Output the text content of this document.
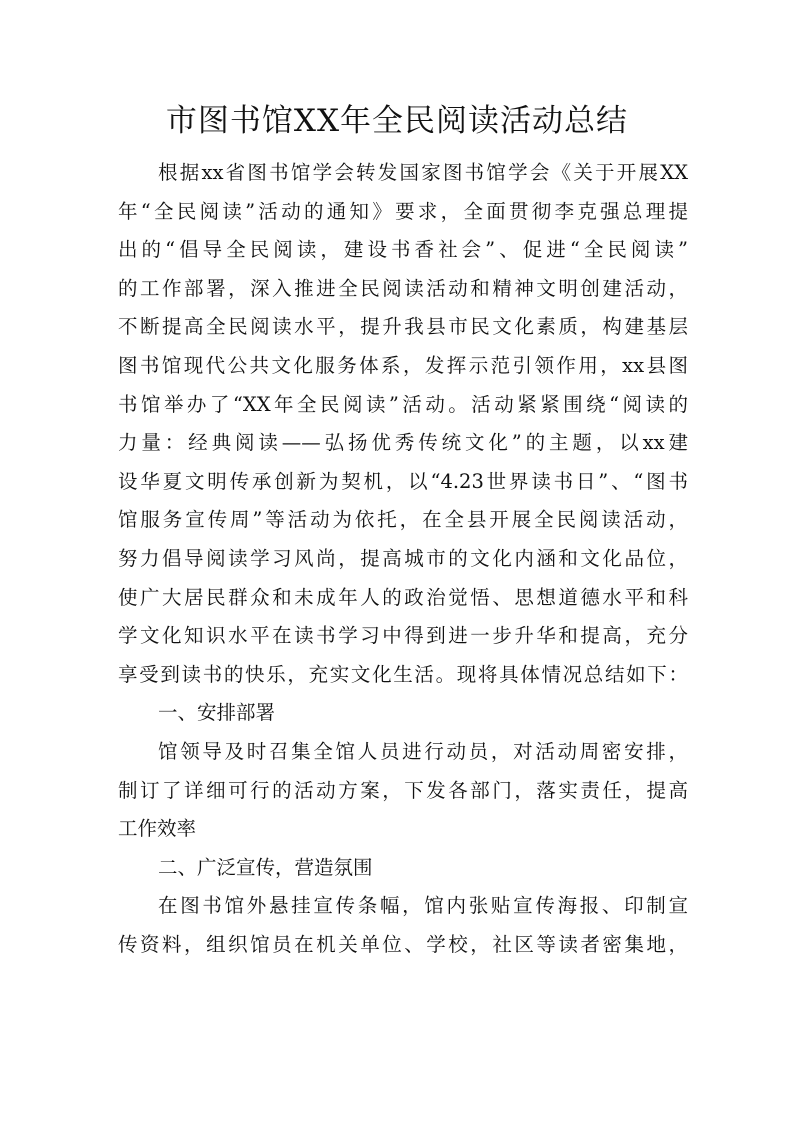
市图书馆XX年全民阅读活动总结
根据xx省图书馆学会转发国家图书馆学会《关于开展XX
年“全民阅读”活动的通知》要求，全面贯彻李克强总理提
出的“倡导全民阅读，建设书香社会”、促进“全民阅读”
的工作部署，深入推进全民阅读活动和精神文明创建活动，
不断提高全民阅读水平，提升我县市民文化素质，构建基层
图书馆现代公共文化服务体系，发挥示范引领作用，xx县图
书馆举办了“XX年全民阅读”活动。活动紧紧围绕“阅读的
力量：经典阅读——弘扬优秀传统文化”的主题，以xx建
设华夏文明传承创新为契机，以“4.23世界读书日”、“图书
馆服务宣传周”等活动为依托，在全县开展全民阅读活动，
努力倡导阅读学习风尚，提高城市的文化内涵和文化品位，
使广大居民群众和未成年人的政治觉悟、思想道德水平和科
学文化知识水平在读书学习中得到进一步升华和提高，充分
享受到读书的快乐，充实文化生活。现将具体情况总结如下：
一、安排部署
馆领导及时召集全馆人员进行动员，对活动周密安排，
制订了详细可行的活动方案，下发各部门，落实责任，提高
工作效率
二、广泛宣传，营造氛围
在图书馆外悬挂宣传条幅，馆内张贴宣传海报、印制宣
传资料，组织馆员在机关单位、学校，社区等读者密集地，
